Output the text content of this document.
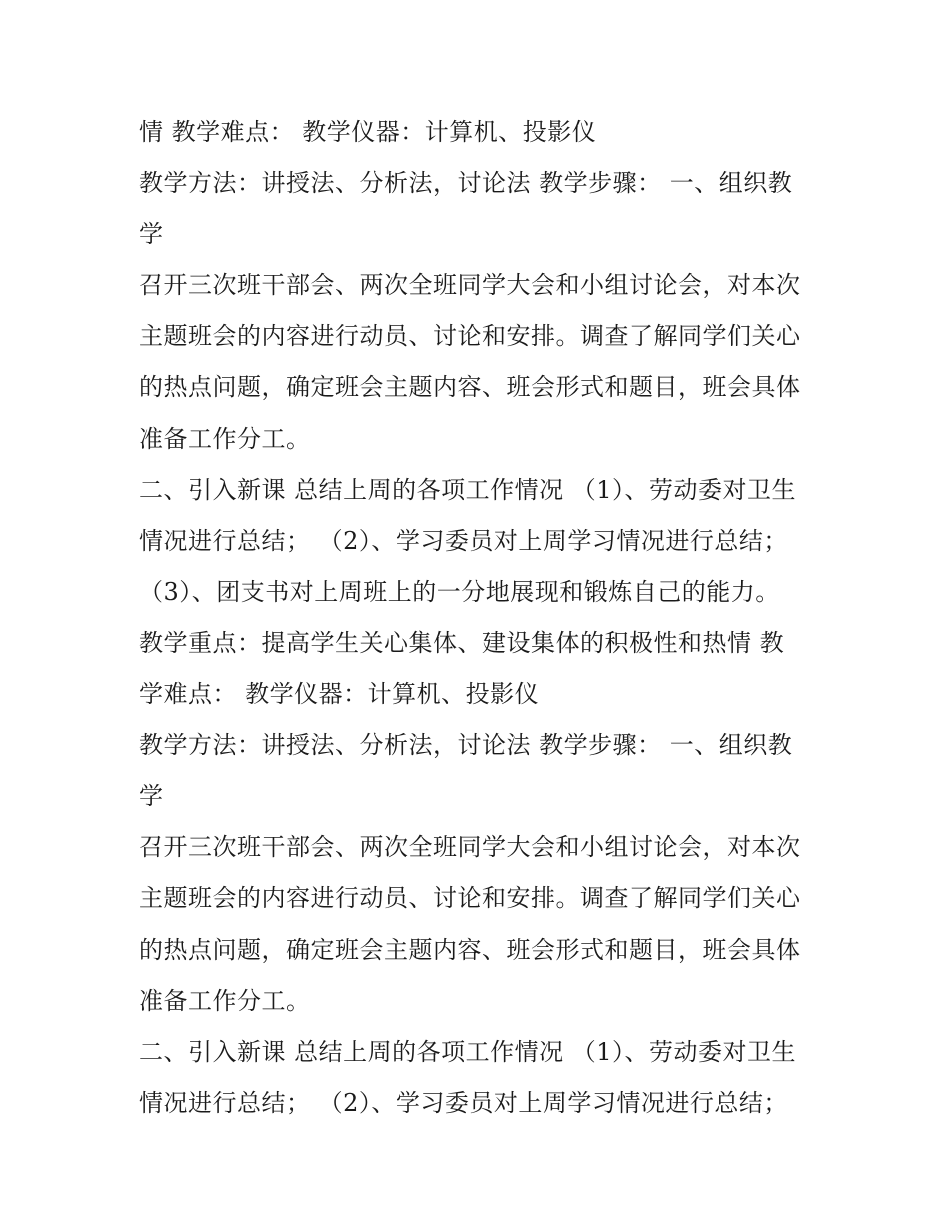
情 教学难点： 教学仪器：计算机、投影仪
教学方法：讲授法、分析法，讨论法 教学步骤： 一、组织教
学
召开三次班干部会、两次全班同学大会和小组讨论会，对本次
主题班会的内容进行动员、讨论和安排。调查了解同学们关心
的热点问题，确定班会主题内容、班会形式和题目，班会具体
准备工作分工。
二、引入新课 总结上周的各项工作情况 （1）、劳动委对卫生
情况进行总结； （2）、学习委员对上周学习情况进行总结；
（3）、团支书对上周班上的一分地展现和锻炼自己的能力。
教学重点：提高学生关心集体、建设集体的积极性和热情 教
学难点： 教学仪器：计算机、投影仪
教学方法：讲授法、分析法，讨论法 教学步骤： 一、组织教
学
召开三次班干部会、两次全班同学大会和小组讨论会，对本次
主题班会的内容进行动员、讨论和安排。调查了解同学们关心
的热点问题，确定班会主题内容、班会形式和题目，班会具体
准备工作分工。
二、引入新课 总结上周的各项工作情况 （1）、劳动委对卫生
情况进行总结； （2）、学习委员对上周学习情况进行总结；
